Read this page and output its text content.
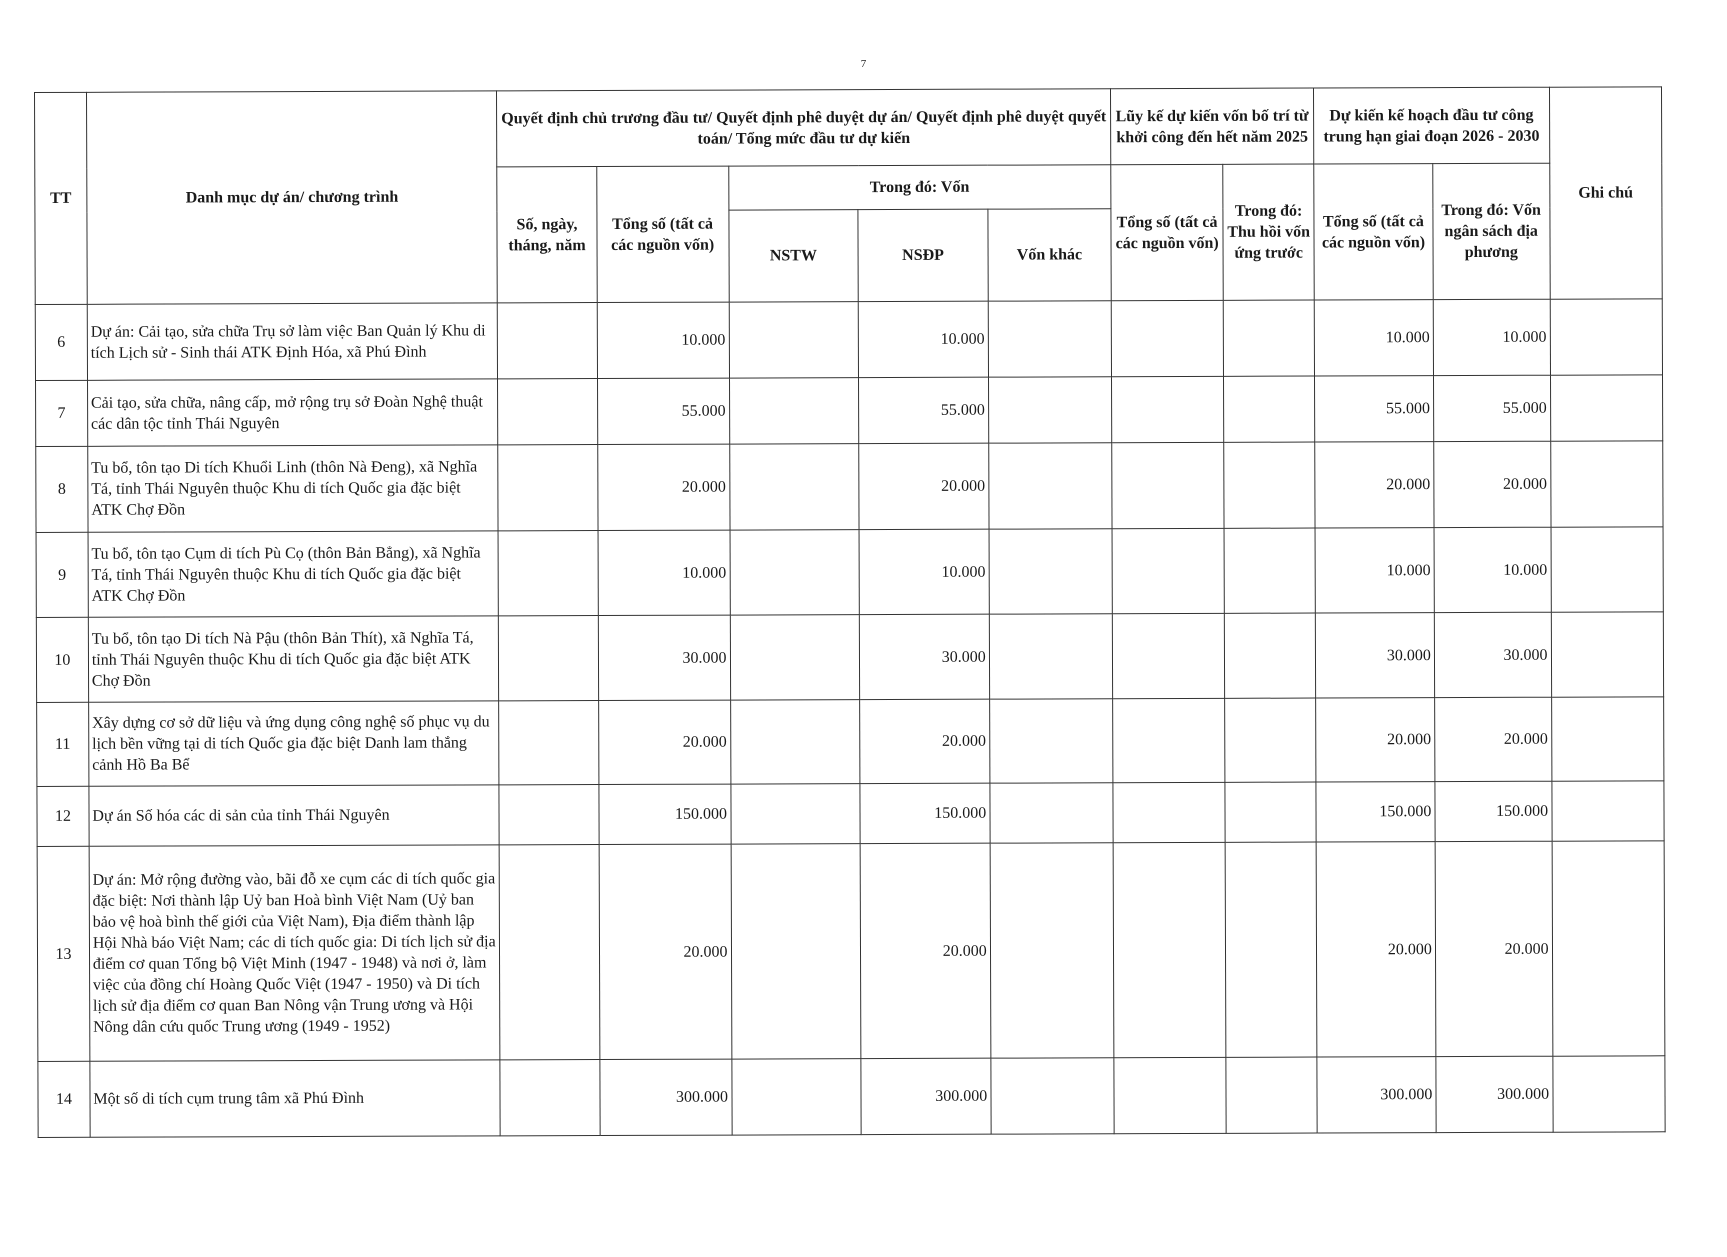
7
TT	Danh mục dự án/ chương trình	Quyết định chủ trương đầu tư/ Quyết định phê duyệt dự án/ Quyết định phê duyệt quyết toán/ Tổng mức đầu tư dự kiến					Lũy kế dự kiến vốn bố trí từ khởi công đến hết năm 2025		Dự kiến kế hoạch đầu tư công trung hạn giai đoạn 2026 - 2030		Ghi chú
		Số, ngày, tháng, năm	Tổng số (tất cả các nguồn vốn)	Trong đó: Vốn			Tổng số (tất cả các nguồn vốn)	Trong đó: Thu hồi vốn ứng trước	Tổng số (tất cả các nguồn vốn)	Trong đó: Vốn ngân sách địa phương	
				NSTW	NSĐP	Vốn khác					
6	Dự án: Cải tạo, sửa chữa Trụ sở làm việc Ban Quản lý Khu di tích Lịch sử - Sinh thái ATK Định Hóa, xã Phú Đình		10.000		10.000				10.000	10.000	
7	Cải tạo, sửa chữa, nâng cấp, mở rộng trụ sở Đoàn Nghệ thuật các dân tộc tỉnh Thái Nguyên		55.000		55.000				55.000	55.000	
8	Tu bổ, tôn tạo Di tích Khuổi Linh (thôn Nà Đeng), xã Nghĩa Tá, tỉnh Thái Nguyên thuộc Khu di tích Quốc gia đặc biệt ATK Chợ Đồn		20.000		20.000				20.000	20.000	
9	Tu bổ, tôn tạo Cụm di tích Pù Cọ (thôn Bản Bẳng), xã Nghĩa Tá, tỉnh Thái Nguyên thuộc Khu di tích Quốc gia đặc biệt ATK Chợ Đồn		10.000		10.000				10.000	10.000	
10	Tu bổ, tôn tạo Di tích Nà Pậu (thôn Bản Thít), xã Nghĩa Tá, tỉnh Thái Nguyên thuộc Khu di tích Quốc gia đặc biệt ATK Chợ Đồn		30.000		30.000				30.000	30.000	
11	Xây dựng cơ sở dữ liệu và ứng dụng công nghệ số phục vụ du lịch bền vững tại di tích Quốc gia đặc biệt Danh lam thắng cảnh Hồ Ba Bể		20.000		20.000				20.000	20.000	
12	Dự án Số hóa các di sản của tỉnh Thái Nguyên		150.000		150.000				150.000	150.000	
13	Dự án: Mở rộng đường vào, bãi đỗ xe cụm các di tích quốc gia đặc biệt: Nơi thành lập Uỷ ban Hoà bình Việt Nam (Uỷ ban bảo vệ hoà bình thế giới của Việt Nam), Địa điểm thành lập Hội Nhà báo Việt Nam; các di tích quốc gia: Di tích lịch sử địa điểm cơ quan Tổng bộ Việt Minh (1947 - 1948) và nơi ở, làm việc của đồng chí Hoàng Quốc Việt (1947 - 1950) và Di tích lịch sử địa điểm cơ quan Ban Nông vận Trung ương và Hội Nông dân cứu quốc Trung ương (1949 - 1952)		20.000		20.000				20.000	20.000	
14	Một số di tích cụm trung tâm xã Phú Đình		300.000		300.000				300.000	300.000	
